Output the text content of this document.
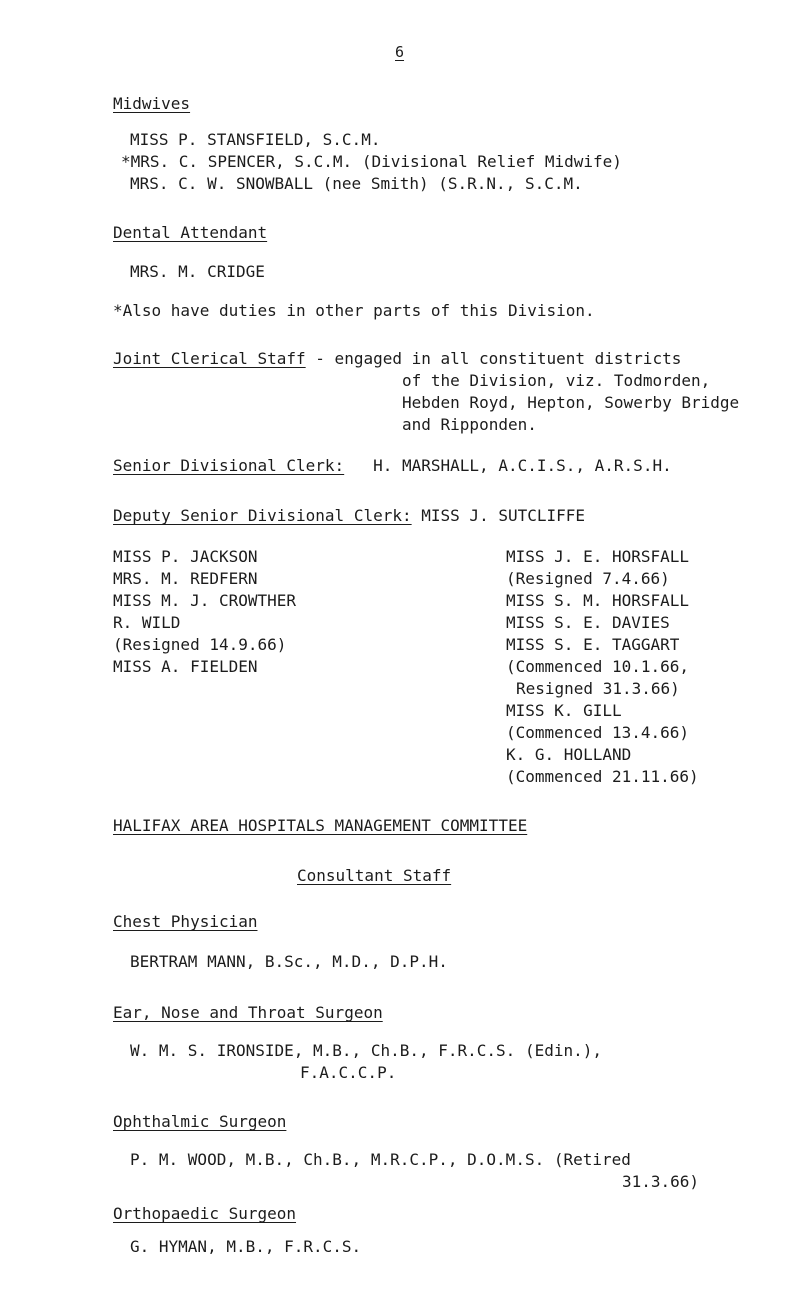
6
Midwives
MISS P. STANSFIELD, S.C.M.
*MRS. C. SPENCER, S.C.M. (Divisional Relief Midwife)
MRS. C. W. SNOWBALL (nee Smith) (S.R.N., S.C.M.
Dental Attendant
MRS. M. CRIDGE
*Also have duties in other parts of this Division.
Joint Clerical Staff - engaged in all constituent districts
of the Division, viz. Todmorden,
Hebden Royd, Hepton, Sowerby Bridge
and Ripponden.
Senior Divisional Clerk: H. MARSHALL, A.C.I.S., A.R.S.H.
Deputy Senior Divisional Clerk: MISS J. SUTCLIFFE
MISS P. JACKSON
MRS. M. REDFERN
MISS M. J. CROWTHER
R. WILD
(Resigned 14.9.66)
MISS A. FIELDEN
MISS J. E. HORSFALL
(Resigned 7.4.66)
MISS S. M. HORSFALL
MISS S. E. DAVIES
MISS S. E. TAGGART
(Commenced 10.1.66,
Resigned 31.3.66)
MISS K. GILL
(Commenced 13.4.66)
K. G. HOLLAND
(Commenced 21.11.66)
HALIFAX AREA HOSPITALS MANAGEMENT COMMITTEE
Consultant Staff
Chest Physician
BERTRAM MANN, B.Sc., M.D., D.P.H.
Ear, Nose and Throat Surgeon
W. M. S. IRONSIDE, M.B., Ch.B., F.R.C.S. (Edin.),
F.A.C.C.P.
Ophthalmic Surgeon
P. M. WOOD, M.B., Ch.B., M.R.C.P., D.O.M.S. (Retired
31.3.66)
Orthopaedic Surgeon
G. HYMAN, M.B., F.R.C.S.
